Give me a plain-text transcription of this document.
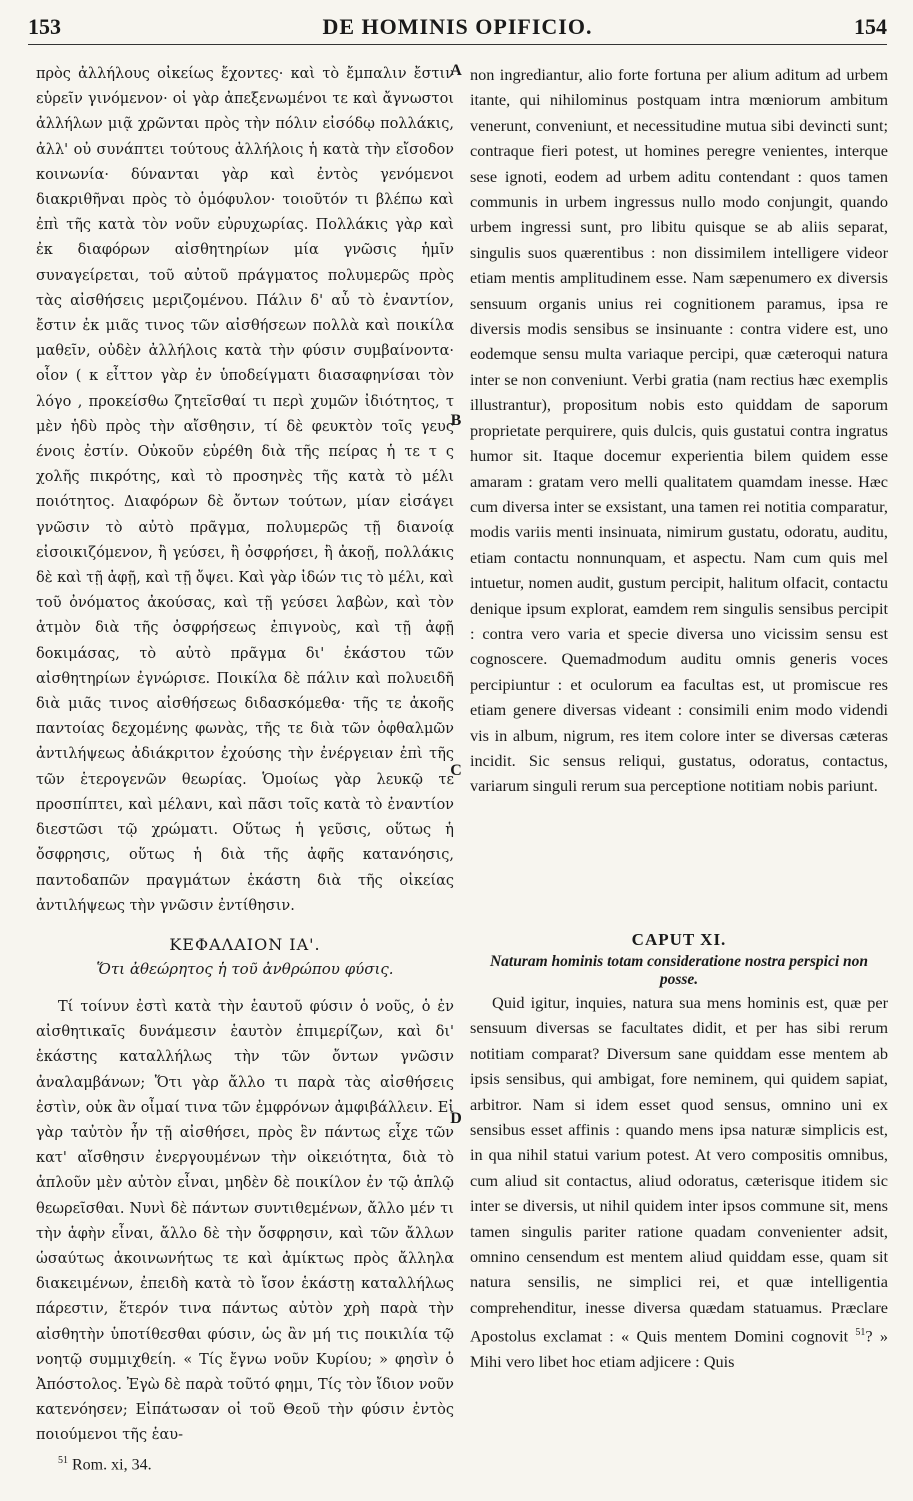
153	DE HOMINIS OPIFICIO.	154

πρὸς ἀλλήλους οἰκείως ἔχοντες· καὶ τὸ ἔμπαλιν ἔστιν εὑρεῖν γινόμενον· οἱ γὰρ ἀπεξενωμένοι τε καὶ ἄγνωστοι ἀλλήλων μιᾷ χρῶνται πρὸς τὴν πόλιν εἰσόδῳ πολλάκις, ἀλλ' οὐ συνάπτει τούτους ἀλλήλοις ἡ κατὰ τὴν εἴσοδον κοινωνία· δύνανται γὰρ καὶ ἐντὸς γενόμενοι διακριθῆναι πρὸς τὸ ὁμόφυλον· τοιοῦτόν τι βλέπω καὶ ἐπὶ τῆς κατὰ τὸν νοῦν εὐρυχωρίας. Πολλάκις γὰρ καὶ ἐκ διαφόρων αἰσθητηρίων μία γνῶσις ἡμῖν συναγείρεται, τοῦ αὐτοῦ πράγματος πολυμερῶς πρὸς τὰς αἰσθήσεις μεριζομένου. Πάλιν δ' αὖ τὸ ἐναντίον, ἔστιν ἐκ μιᾶς τινος τῶν αἰσθήσεων πολλὰ καὶ ποικίλα μαθεῖν, οὐδὲν ἀλλήλοις κατὰ τὴν φύσιν συμβαίνοντα· οἷον ( κ εἶττον γὰρ ἐν ὑποδείγματι διασαφηνίσαι τὸν λόγο , προκείσθω ζητεῖσθαί τι περὶ χυμῶν ἰδιότητος, τ μὲν ἡδὺ πρὸς τὴν αἴσθησιν, τί δὲ φευκτὸν τοῖς γευς ένοις ἐστίν. Οὐκοῦν εὑρέθη διὰ τῆς πείρας ἡ τε τ ς χολῆς πικρότης, καὶ τὸ προσηνὲς τῆς κατὰ τὸ μέλι ποιότητος. Διαφόρων δὲ ὄντων τούτων, μίαν εἰσάγει γνῶσιν τὸ αὐτὸ πρᾶγμα, πολυμερῶς τῇ διανοίᾳ εἰσοικιζόμενον, ἢ γεύσει, ἢ ὀσφρήσει, ἢ ἀκοῇ, πολλάκις δὲ καὶ τῇ ἀφῇ, καὶ τῇ ὄψει. Καὶ γὰρ ἰδών τις τὸ μέλι, καὶ τοῦ ὀνόματος ἀκούσας, καὶ τῇ γεύσει λαβὼν, καὶ τὸν ἀτμὸν διὰ τῆς ὀσφρήσεως ἐπιγνοὺς, καὶ τῇ ἀφῇ δοκιμάσας, τὸ αὐτὸ πρᾶγμα δι' ἑκάστου τῶν αἰσθητηρίων ἐγνώρισε. Ποικίλα δὲ πάλιν καὶ πολυειδῆ διὰ μιᾶς τινος αἰσθήσεως διδασκόμεθα· τῆς τε ἀκοῆς παντοίας δεχομένης φωνὰς, τῆς τε διὰ τῶν ὀφθαλμῶν ἀντιλήψεως ἀδιάκριτον ἐχούσης τὴν ἐνέργειαν ἐπὶ τῆς τῶν ἑτερογενῶν θεωρίας. Ὁμοίως γὰρ λευκῷ τε προσπίπτει, καὶ μέλανι, καὶ πᾶσι τοῖς κατὰ τὸ ἐναντίον διεστῶσι τῷ χρώματι. Οὕτως ἡ γεῦσις, οὕτως ἡ ὄσφρησις, οὕτως ἡ διὰ τῆς ἀφῆς κατανόησις, παντοδαπῶν πραγμάτων ἑκάστη διὰ τῆς οἰκείας ἀντιλήψεως τὴν γνῶσιν ἐντίθησιν.

A
B
C
D
ΚΕΦΑΛΑΙΟΝ ΙΑ'.
Ὅτι ἀθεώρητος ἡ τοῦ ἀνθρώπου φύσις.

Τί τοίνυν ἐστὶ κατὰ τὴν ἑαυτοῦ φύσιν ὁ νοῦς, ὁ ἐν αἰσθητικαῖς δυνάμεσιν ἑαυτὸν ἐπιμερίζων, καὶ δι' ἑκάστης καταλλήλως τὴν τῶν ὄντων γνῶσιν ἀναλαμβάνων; Ὅτι γὰρ ἄλλο τι παρὰ τὰς αἰσθήσεις ἐστὶν, οὐκ ἂν οἶμαί τινα τῶν ἐμφρόνων ἀμφιβάλλειν. Εἰ γὰρ ταὐτὸν ἦν τῇ αἰσθήσει, πρὸς ἓν πάντως εἶχε τῶν κατ' αἴσθησιν ἐνεργουμένων τὴν οἰκειότητα, διὰ τὸ ἁπλοῦν μὲν αὐτὸν εἶναι, μηδὲν δὲ ποικίλον ἐν τῷ ἁπλῷ θεωρεῖσθαι. Νυνὶ δὲ πάντων συντιθεμένων, ἄλλο μέν τι τὴν ἁφὴν εἶναι, ἄλλο δὲ τὴν ὄσφρησιν, καὶ τῶν ἄλλων ὡσαύτως ἀκοινωνήτως τε καὶ ἀμίκτως πρὸς ἄλληλα διακειμένων, ἐπειδὴ κατὰ τὸ ἴσον ἑκάστῃ καταλλήλως πάρεστιν, ἕτερόν τινα πάντως αὐτὸν χρὴ παρὰ τὴν αἰσθητὴν ὑποτίθεσθαι φύσιν, ὡς ἂν μή τις ποικιλία τῷ νοητῷ συμμιχθείη. « Τίς ἔγνω νοῦν Κυρίου; » φησὶν ὁ Ἀπόστολος. Ἐγὼ δὲ παρὰ τοῦτό φημι, Τίς τὸν ἴδιον νοῦν κατενόησεν; Εἰπάτωσαν οἱ τοῦ Θεοῦ τὴν φύσιν ἐντὸς ποιούμενοι τῆς ἑαυ-

non ingrediantur, alio forte fortuna per alium aditum ad urbem itante, qui nihilominus postquam intra mœniorum ambitum venerunt, conveniunt, et necessitudine mutua sibi devincti sunt; contraque fieri potest, ut homines peregre venientes, interque sese ignoti, eodem ad urbem aditu contendant : quos tamen communis in urbem ingressus nullo modo conjungit, quando urbem ingressi sunt, pro libitu quisque se ab aliis separat, singulis suos quærentibus : non dissimilem intelligere videor etiam mentis amplitudinem esse. Nam sæpenumero ex diversis sensuum organis unius rei cognitionem paramus, ipsa re diversis modis sensibus se insinuante : contra videre est, uno eodemque sensu multa variaque percipi, quæ cæteroqui natura inter se non conveniunt. Verbi gratia (nam rectius hæc exemplis illustrantur), propositum nobis esto quiddam de saporum proprietate perquirere, quis dulcis, quis gustatui contra ingratus humor sit. Itaque docemur experientia bilem quidem esse amaram : gratam vero melli qualitatem quamdam inesse. Hæc cum diversa inter se exsistant, una tamen rei notitia comparatur, modis variis menti insinuata, nimirum gustatu, odoratu, auditu, etiam contactu nonnunquam, et aspectu. Nam cum quis mel intuetur, nomen audit, gustum percipit, halitum olfacit, contactu denique ipsum explorat, eamdem rem singulis sensibus percipit : contra vero varia et specie diversa uno vicissim sensu est cognoscere. Quemadmodum auditu omnis generis voces percipiuntur : et oculorum ea facultas est, ut promiscue res etiam genere diversas videant : consimili enim modo videndi vis in album, nigrum, res item colore inter se diversas cæteras incidit. Sic sensus reliqui, gustatus, odoratus, contactus, variarum singuli rerum sua perceptione notitiam nobis pariunt.

CAPUT XI.
Naturam hominis totam consideratione nostra perspici non posse.

Quid igitur, inquies, natura sua mens hominis est, quæ per sensuum diversas se facultates didit, et per has sibi rerum notitiam comparat? Diversum sane quiddam esse mentem ab ipsis sensibus, qui ambigat, fore neminem, qui quidem sapiat, arbitror. Nam si idem esset quod sensus, omnino uni ex sensibus esset affinis : quando mens ipsa naturæ simplicis est, in qua nihil statui varium potest. At vero compositis omnibus, cum aliud sit contactus, aliud odoratus, cæterisque itidem sic inter se diversis, ut nihil quidem inter ipsos commune sit, mens tamen singulis pariter ratione quadam convenienter adsit, omnino censendum est mentem aliud quiddam esse, quam sit natura sensilis, ne simplici rei, et quæ intelligentia comprehenditur, inesse diversa quædam statuamus. Præclare Apostolus exclamat : « Quis mentem Domini cognovit $^{51}$? » Mihi vero libet hoc etiam adjicere : Quis

$^{51}$ Rom. xi, 34.
